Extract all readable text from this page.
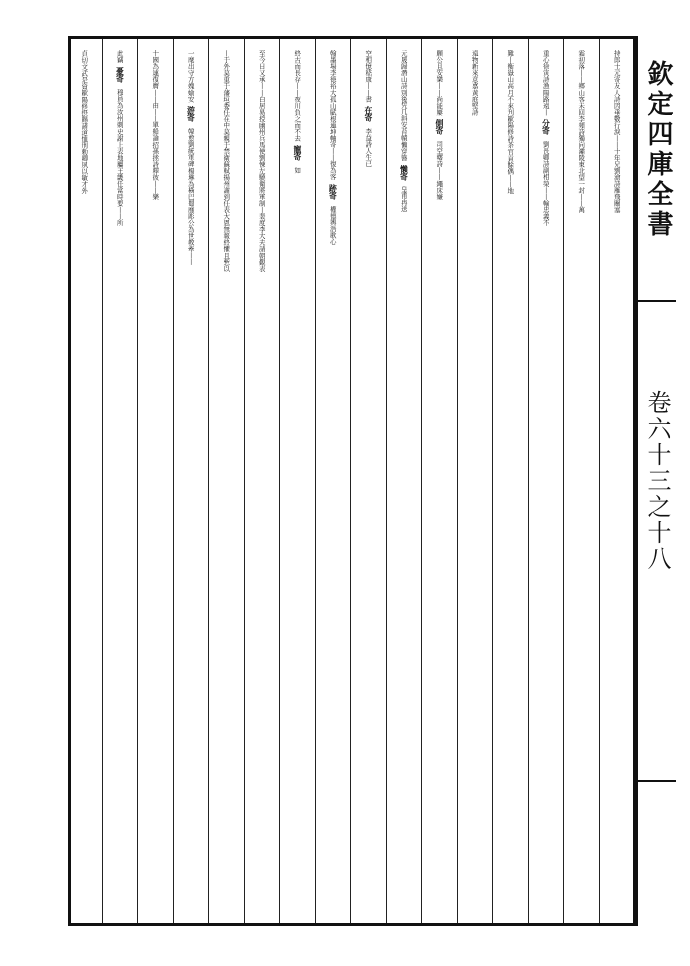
欽定四庫全書
卷六十三之十八
持郎士元寄友人詩因垂數行淚丨丨十年兄劉滄詩雁飛關塞
霜初落丨丨鄉山客未回李頻詩獨向灞陵東北望一封丨丨萬
重心徐寅詩漁陽路遠丨
分寄
劉長卿詩副相榮丨丨輸忠義不
難丨衡嶽山高月不來
刋歐陽修詩茶官貢餘偶丨丨地
遠物新來意嘉黃庭堅詩
願公且安樂丨丨尚能屢
側寄
司空曙詩丨丨繩床嫌
元晟歸潛山詩別後
凭几斜安苔幘懶穿簪
懶寄
皇甫冉送
空相憶嵇康丨丨書
在寄
李益詩人生已
翰墨場李德裕大孤山賦根連坤軸
寄丨丨復為客
跡寄
權德輿浩歌心
終古而長存丨丨夜川負之而不去
寵寄
如
至今日又承丨丨白居易授幽州兵馬使劉悚左驍衛將軍制丨
裴度李大夫請朝覲表
丨于外莫重于藩垣委任在中莫親于禁衛蘇軾揚州謝到任表
大恩無報終懼且慙以
一麾出守方媿媮安
游寄
韓愈劉統軍碑楊琳為橫巴蜀靡彫公
為世教牽丨丨
十國為連復膺丨丨
由丨丨單船諭招孫拯詩釋彼丨丨樂
此竊
憂寄
穆員為汝州刺史謝上表地屬王畿任當時要丨丨所
貞
切文武是資歐陽修摂賜諸道恤刑勅卿夙以敏才外
